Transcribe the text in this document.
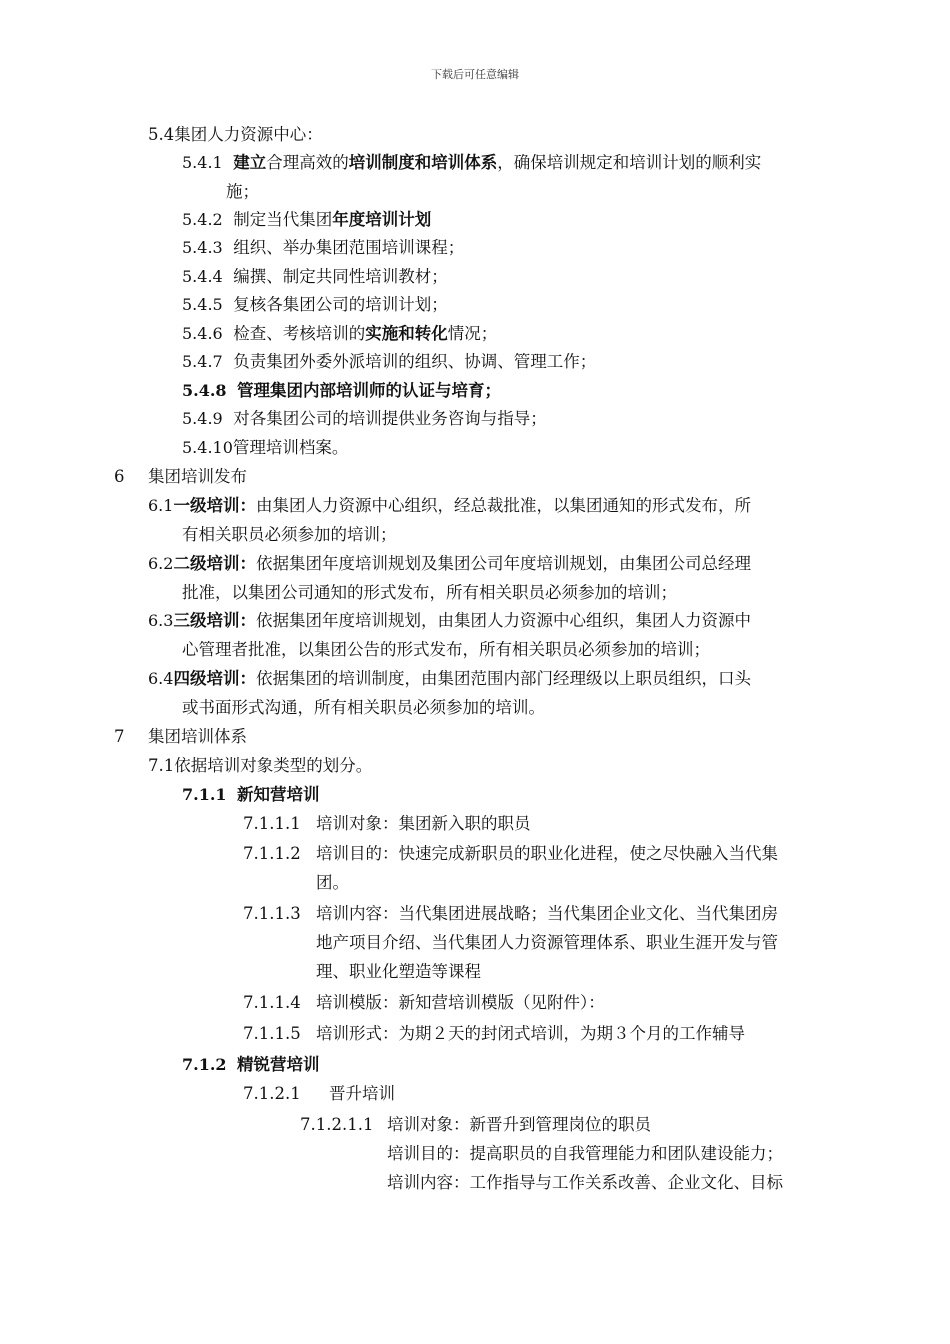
下载后可任意编辑
5.4集团人力资源中心：
5.4.1 建立合理高效的培训制度和培训体系，确保培训规定和培训计划的顺利实
施；
5.4.2 制定当代集团年度培训计划
5.4.3 组织、举办集团范围培训课程；
5.4.4 编撰、制定共同性培训教材；
5.4.5 复核各集团公司的培训计划；
5.4.6 检查、考核培训的实施和转化情况；
5.4.7 负责集团外委外派培训的组织、协调、管理工作；
5.4.8 管理集团内部培训师的认证与培育；
5.4.9 对各集团公司的培训提供业务咨询与指导；
5.4.10管理培训档案。
6 集团培训发布
6.1一级培训：由集团人力资源中心组织，经总裁批准，以集团通知的形式发布，所
有相关职员必须参加的培训；
6.2二级培训：依据集团年度培训规划及集团公司年度培训规划，由集团公司总经理
批准，以集团公司通知的形式发布，所有相关职员必须参加的培训；
6.3三级培训：依据集团年度培训规划，由集团人力资源中心组织，集团人力资源中
心管理者批准，以集团公告的形式发布，所有相关职员必须参加的培训；
6.4四级培训：依据集团的培训制度，由集团范围内部门经理级以上职员组织，口头
或书面形式沟通，所有相关职员必须参加的培训。
7 集团培训体系
7.1依据培训对象类型的划分。
7.1.1 新知营培训
7.1.1.1 培训对象：集团新入职的职员
7.1.1.2 培训目的：快速完成新职员的职业化进程，使之尽快融入当代集
团。
7.1.1.3 培训内容：当代集团进展战略；当代集团企业文化、当代集团房
地产项目介绍、当代集团人力资源管理体系、职业生涯开发与管
理、职业化塑造等课程
7.1.1.4 培训模版：新知营培训模版（见附件）：
7.1.1.5 培训形式：为期２天的封闭式培训，为期３个月的工作辅导
7.1.2 精锐营培训
7.1.2.1 晋升培训
7.1.2.1.1 培训对象：新晋升到管理岗位的职员
培训目的：提高职员的自我管理能力和团队建设能力；
培训内容：工作指导与工作关系改善、企业文化、目标
